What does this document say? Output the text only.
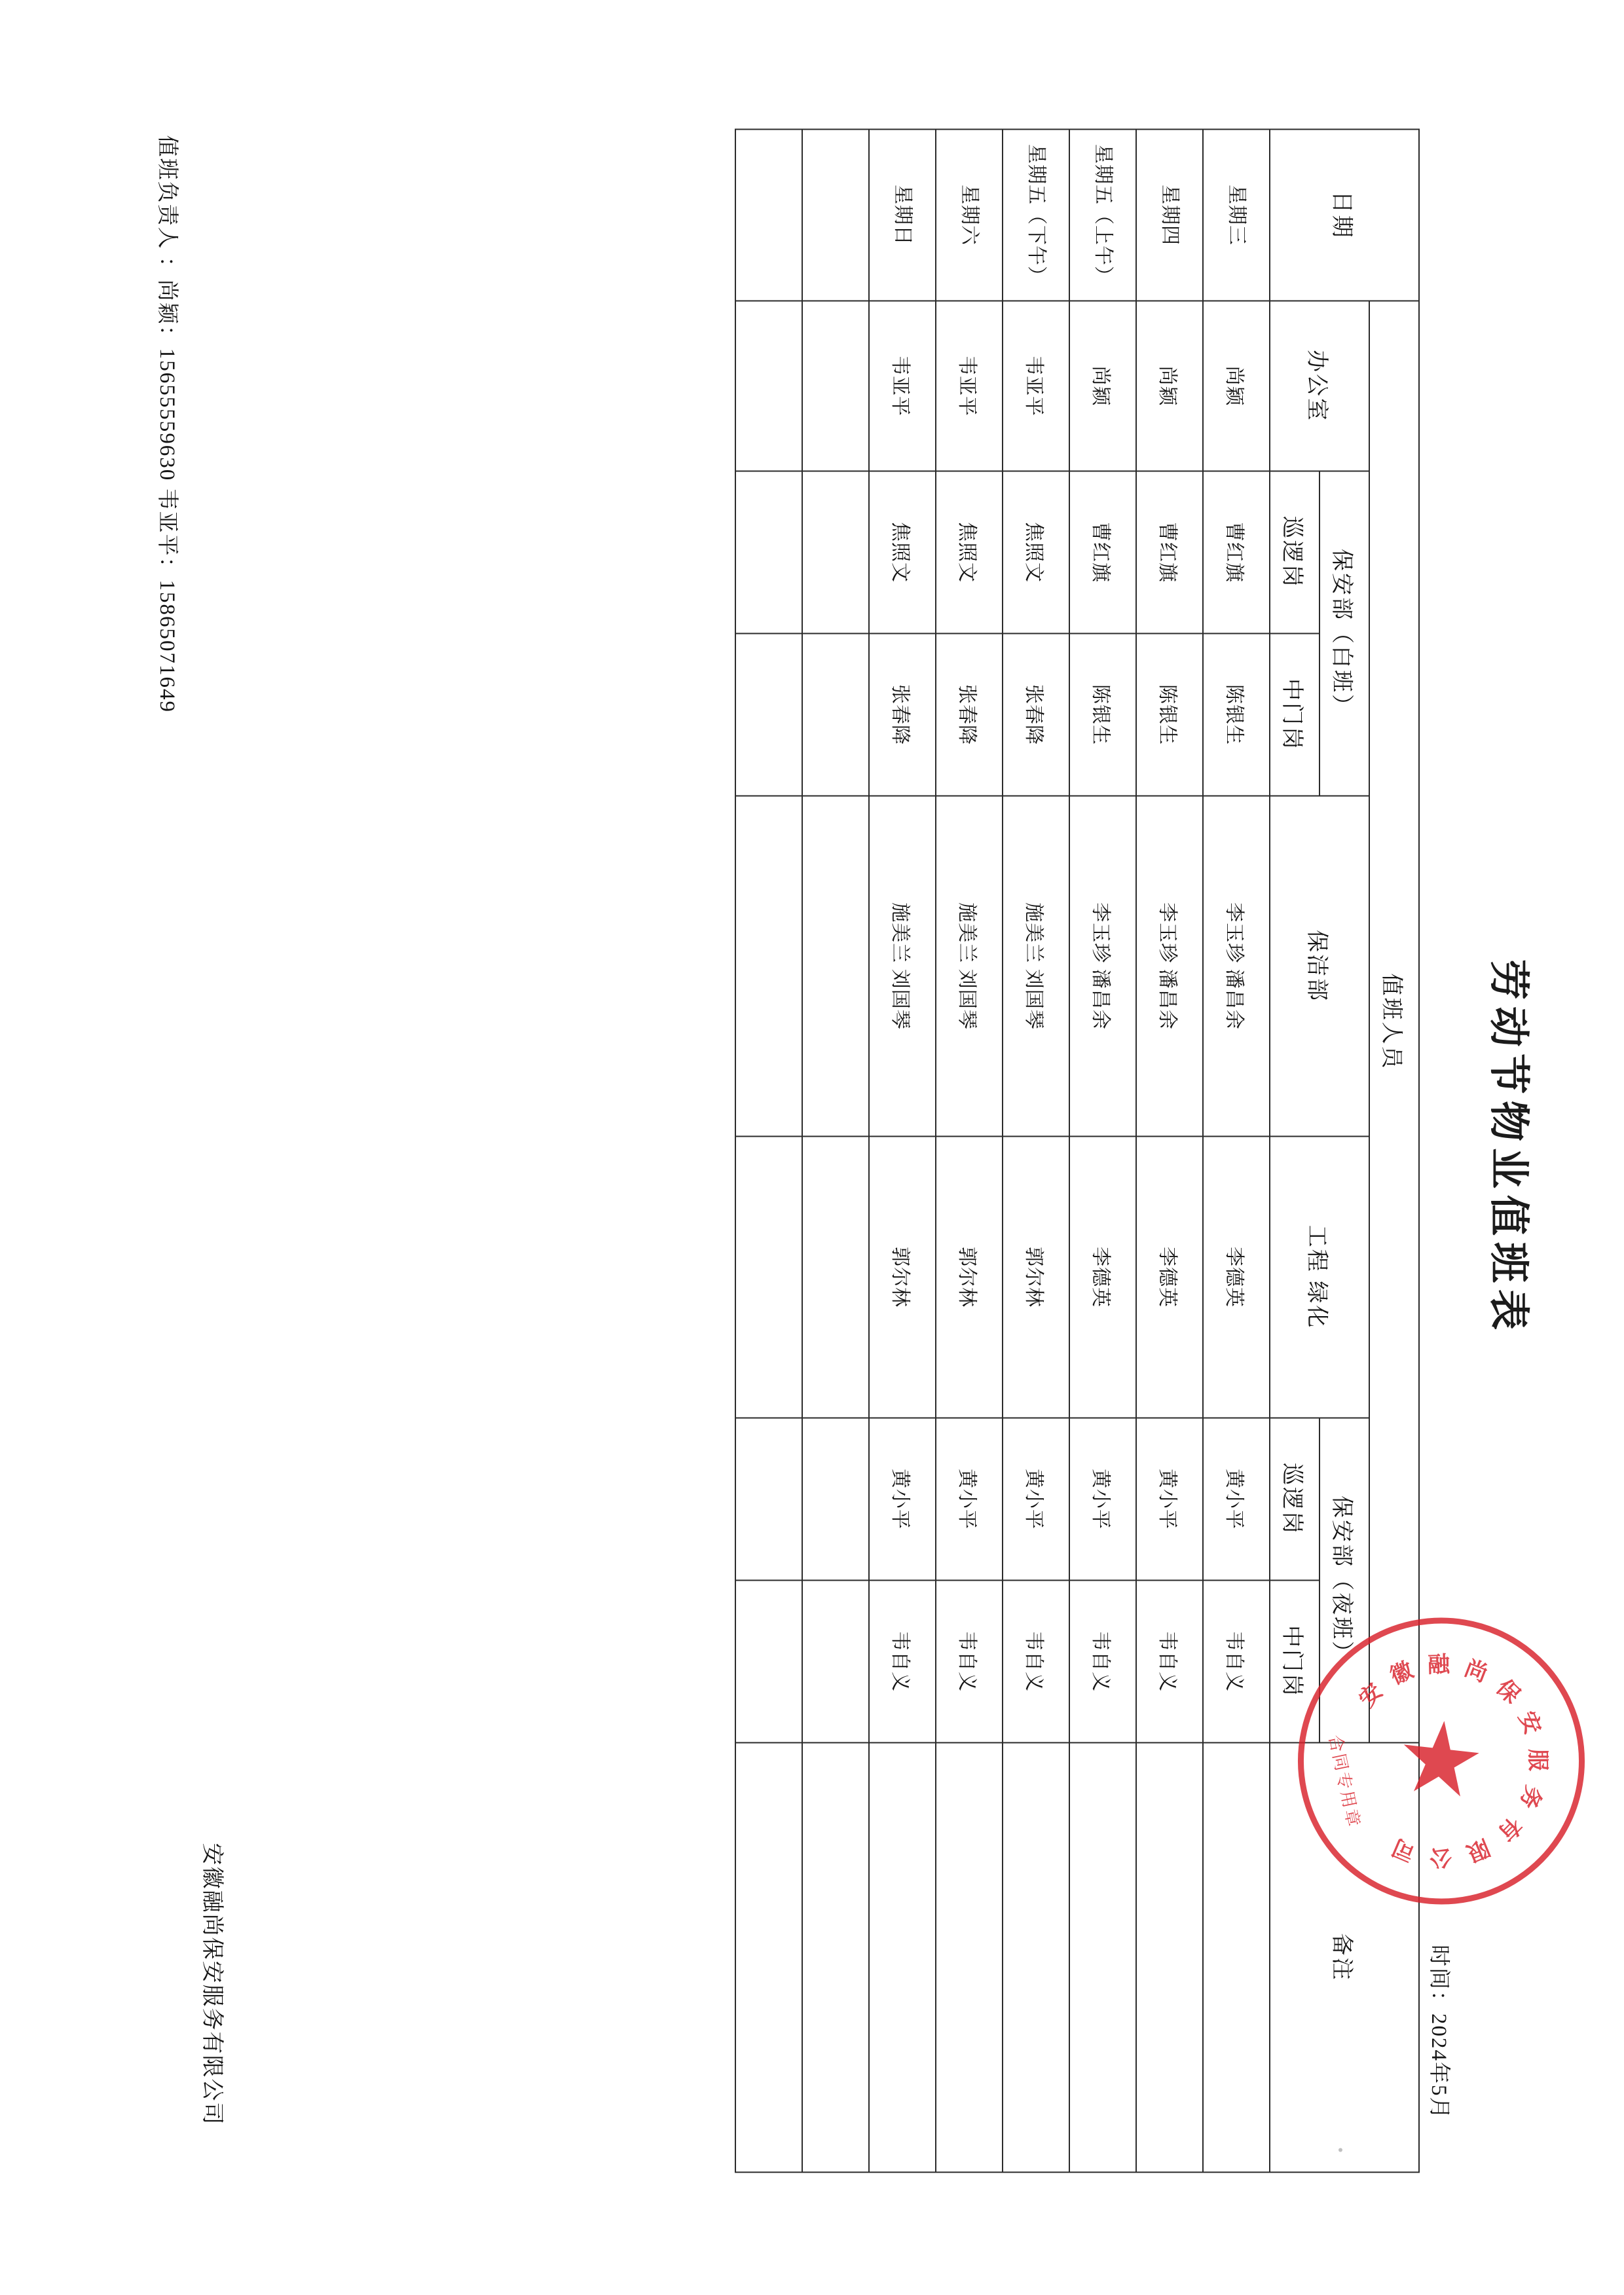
劳动节物业值班表
时间：2024年5月
日期	值班人员							备注
	办公室	保安部（白班）		保洁部	工程 绿化	保安部（夜班）		
		巡逻岗	中门岗			巡逻岗	中门岗	
星期三	尚颖	曹红旗	陈银生	李玉珍 潘昌余	李德英	黄小平	韦自义	
星期四	尚颖	曹红旗	陈银生	李玉珍 潘昌余	李德英	黄小平	韦自义	
星期五（上午）	尚颖	曹红旗	陈银生	李玉珍 潘昌余	李德英	黄小平	韦自义	
星期五（下午）	韦亚平	焦照文	张春降	施美兰 刘国琴	郭尔林	黄小平	韦自义	
星期六	韦亚平	焦照文	张春降	施美兰 刘国琴	郭尔林	黄小平	韦自义	
星期日	韦亚平	焦照文	张春降	施美兰 刘国琴	郭尔林	黄小平	韦自义	

值班负责人 ：尚颖：15655559630 韦亚平：15865071649
安徽融尚保安服务有限公司
安
徽 融 尚
保
安
服
务
有
限
公
司
合同专用章
